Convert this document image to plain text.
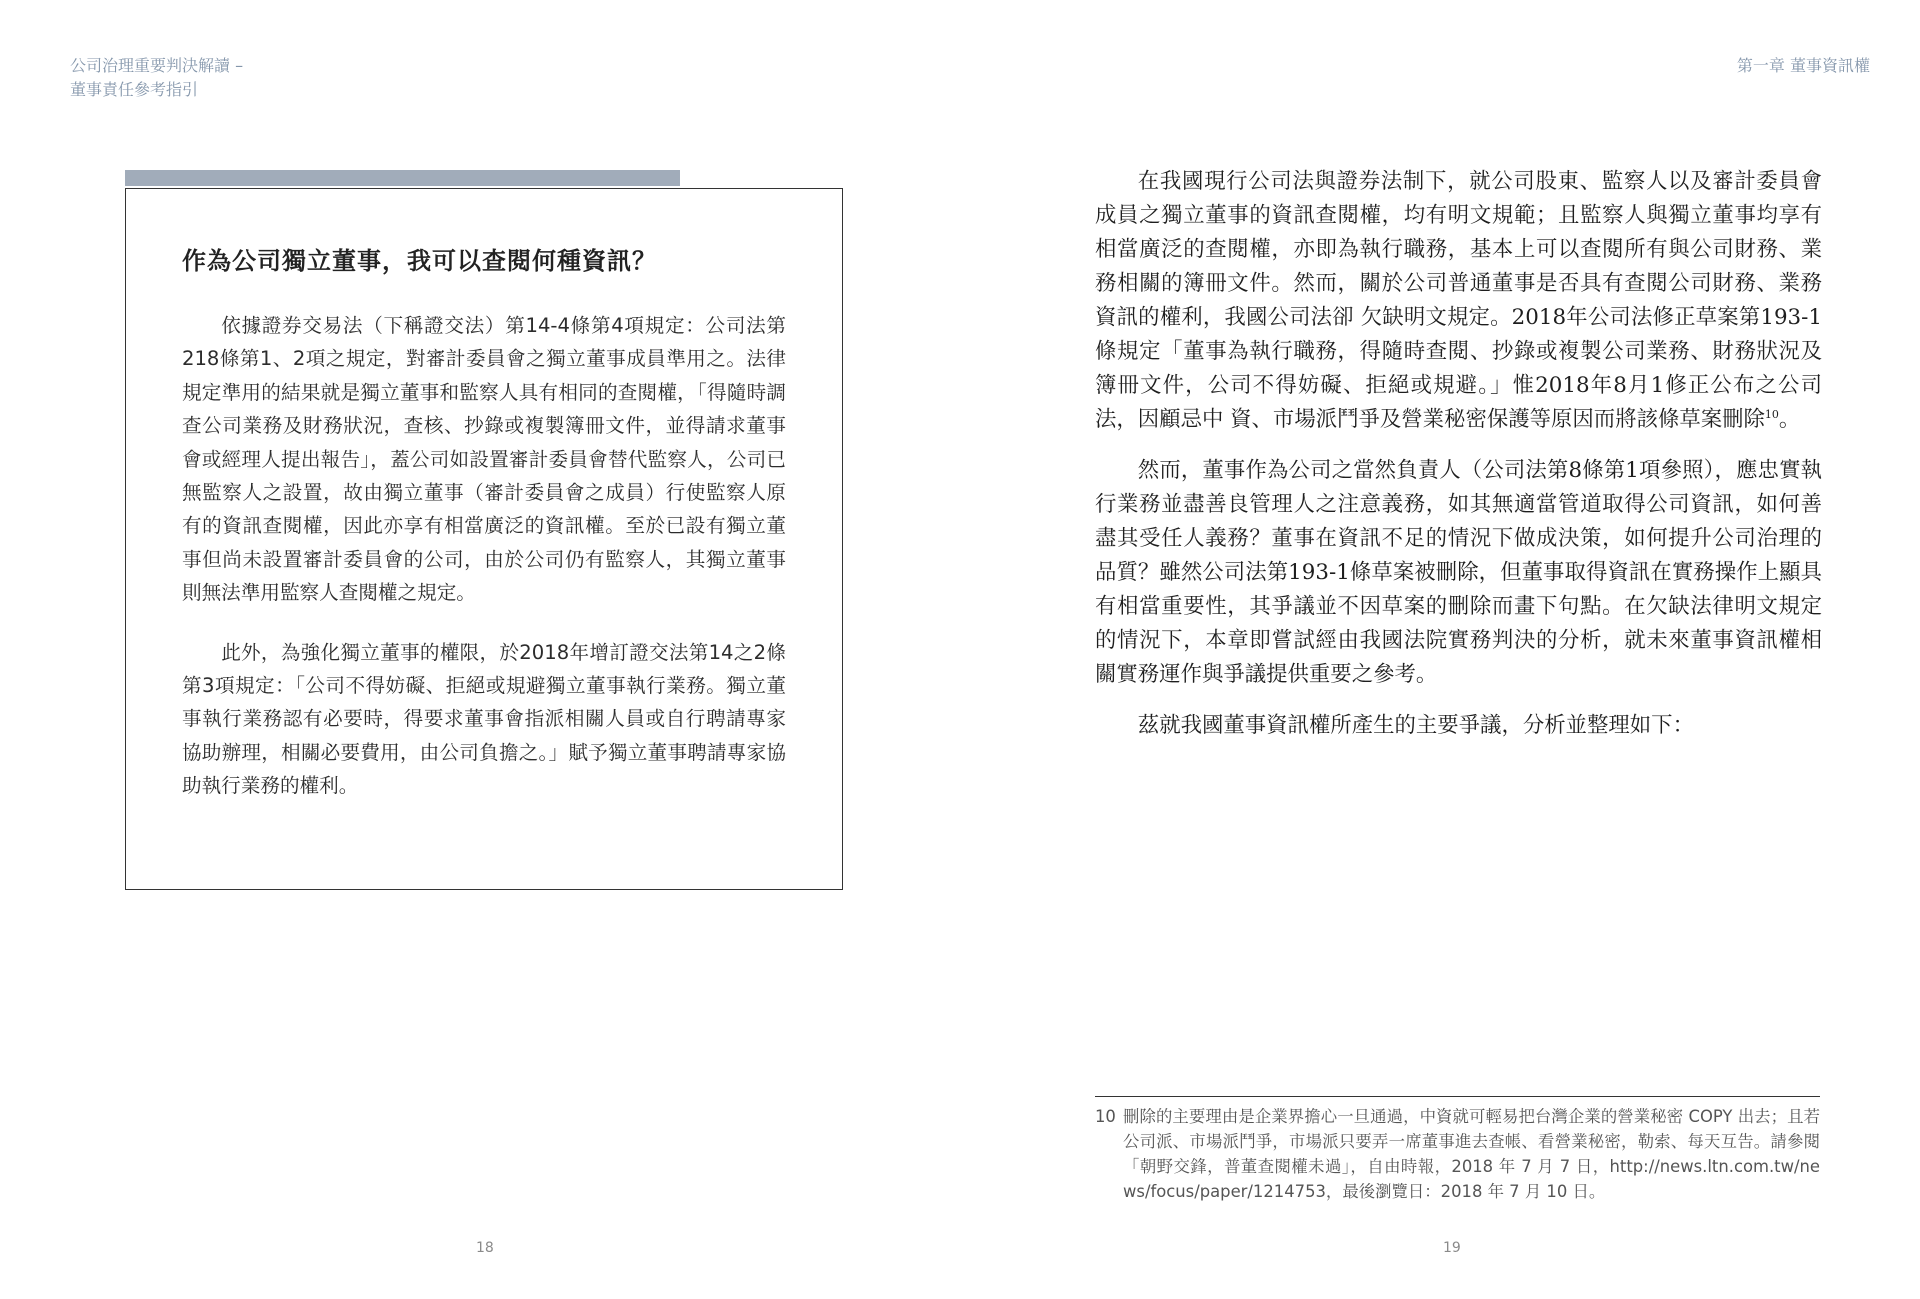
公司治理重要判決解讀 –
董事責任參考指引
第一章 董事資訊權
作為公司獨立董事，我可以查閱何種資訊？

依據證券交易法（下稱證交法）第14-4條第4項規定：公司法第218條第1、2項之規定，對審計委員會之獨立董事成員準用之。法律規定準用的結果就是獨立董事和監察人具有相同的查閱權，「得隨時調查公司業務及財務狀況，查核、抄錄或複製簿冊文件，並得請求董事會或經理人提出報告」，蓋公司如設置審計委員會替代監察人，公司已無監察人之設置，故由獨立董事（審計委員會之成員）行使監察人原有的資訊查閱權，因此亦享有相當廣泛的資訊權。至於已設有獨立董事但尚未設置審計委員會的公司，由於公司仍有監察人，其獨立董事則無法準用監察人查閱權之規定。

此外，為強化獨立董事的權限，於2018年增訂證交法第14之2條第3項規定：「公司不得妨礙、拒絕或規避獨立董事執行業務。獨立董事執行業務認有必要時，得要求董事會指派相關人員或自行聘請專家協助辦理，相關必要費用，由公司負擔之。」賦予獨立董事聘請專家協助執行業務的權利。

在我國現行公司法與證券法制下，就公司股東、監察人以及審計委員會成員之獨立董事的資訊查閱權，均有明文規範；且監察人與獨立董事均享有相當廣泛的查閱權，亦即為執行職務，基本上可以查閱所有與公司財務、業務相關的簿冊文件。然而，關於公司普通董事是否具有查閱公司財務、業務資訊的權利，我國公司法卻 欠缺明文規定。2018年公司法修正草案第193-1 條規定「董事為執行職務，得隨時查閱、抄錄或複製公司業務、財務狀況及簿冊文件，公司不得妨礙、拒絕或規避。」惟2018年8月1修正公布之公司法，因顧忌中 資、市場派鬥爭及營業秘密保護等原因而將該條草案刪除$^{10}$。

然而，董事作為公司之當然負責人（公司法第8條第1項參照），應忠實執行業務並盡善良管理人之注意義務，如其無適當管道取得公司資訊，如何善盡其受任人義務？董事在資訊不足的情況下做成決策，如何提升公司治理的品質？雖然公司法第193-1條草案被刪除，但董事取得資訊在實務操作上顯具有相當重要性，其爭議並不因草案的刪除而畫下句點。在欠缺法律明文規定的情況下，本章即嘗試經由我國法院實務判決的分析，就未來董事資訊權相關實務運作與爭議提供重要之參考。

茲就我國董事資訊權所產生的主要爭議，分析並整理如下：

10 刪除的主要理由是企業界擔心一旦通過，中資就可輕易把台灣企業的營業秘密 COPY 出去；且若公司派、市場派鬥爭，市場派只要弄一席董事進去查帳、看營業秘密，勒索、每天互告。請參閱「朝野交鋒，普董查閱權未過」，自由時報，2018 年 7 月 7 日，http://news.ltn.com.tw/news/focus/paper/1214753，最後瀏覽日：2018 年 7 月 10 日。
18	19
